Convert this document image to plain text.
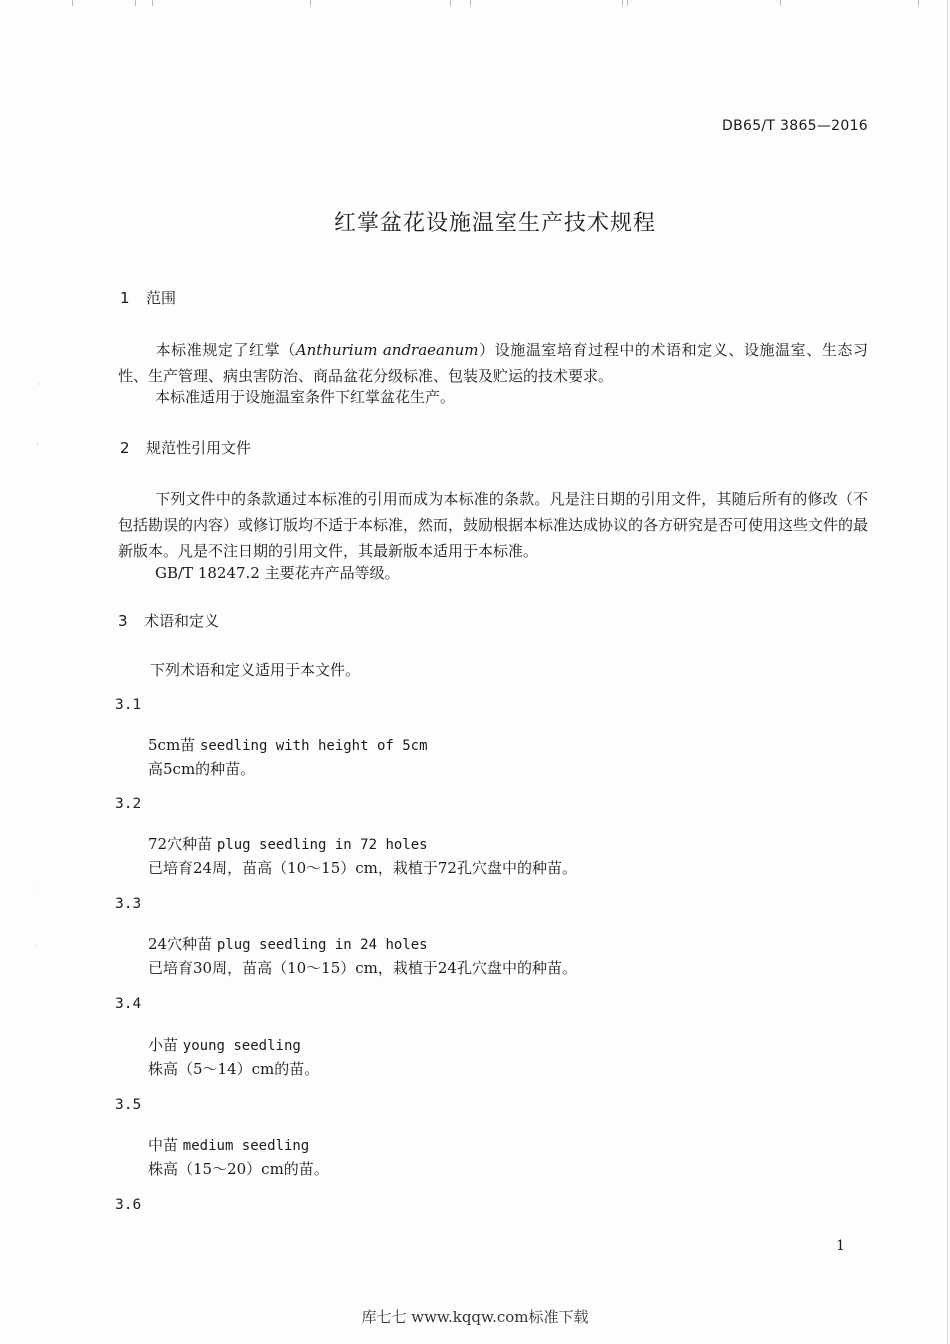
·
·
·
·
DB65/T 3865—2016
红掌盆花设施温室生产技术规程
1 范围
本标准规定了红掌（Anthurium andraeanum）设施温室培育过程中的术语和定义、设施温室、生态习性、生产管理、病虫害防治、商品盆花分级标准、包装及贮运的技术要求。
本标准适用于设施温室条件下红掌盆花生产。
2 规范性引用文件
下列文件中的条款通过本标准的引用而成为本标准的条款。凡是注日期的引用文件，其随后所有的修改（不包括勘误的内容）或修订版均不适于本标准，然而，鼓励根据本标准达成协议的各方研究是否可使用这些文件的最新版本。凡是不注日期的引用文件，其最新版本适用于本标准。
GB/T 18247.2 主要花卉产品等级。
3 术语和定义
下列术语和定义适用于本文件。
3.1
5cm苗 seedling with height of 5cm
高5cm的种苗。
3.2
72穴种苗 plug seedling in 72 holes
已培育24周，苗高（10～15）cm，栽植于72孔穴盘中的种苗。
3.3
24穴种苗 plug seedling in 24 holes
已培育30周，苗高（10～15）cm，栽植于24孔穴盘中的种苗。
3.4
小苗 young seedling
株高（5～14）cm的苗。
3.5
中苗 medium seedling
株高（15～20）cm的苗。
3.6
1
库七七 www.kqqw.com标准下载
